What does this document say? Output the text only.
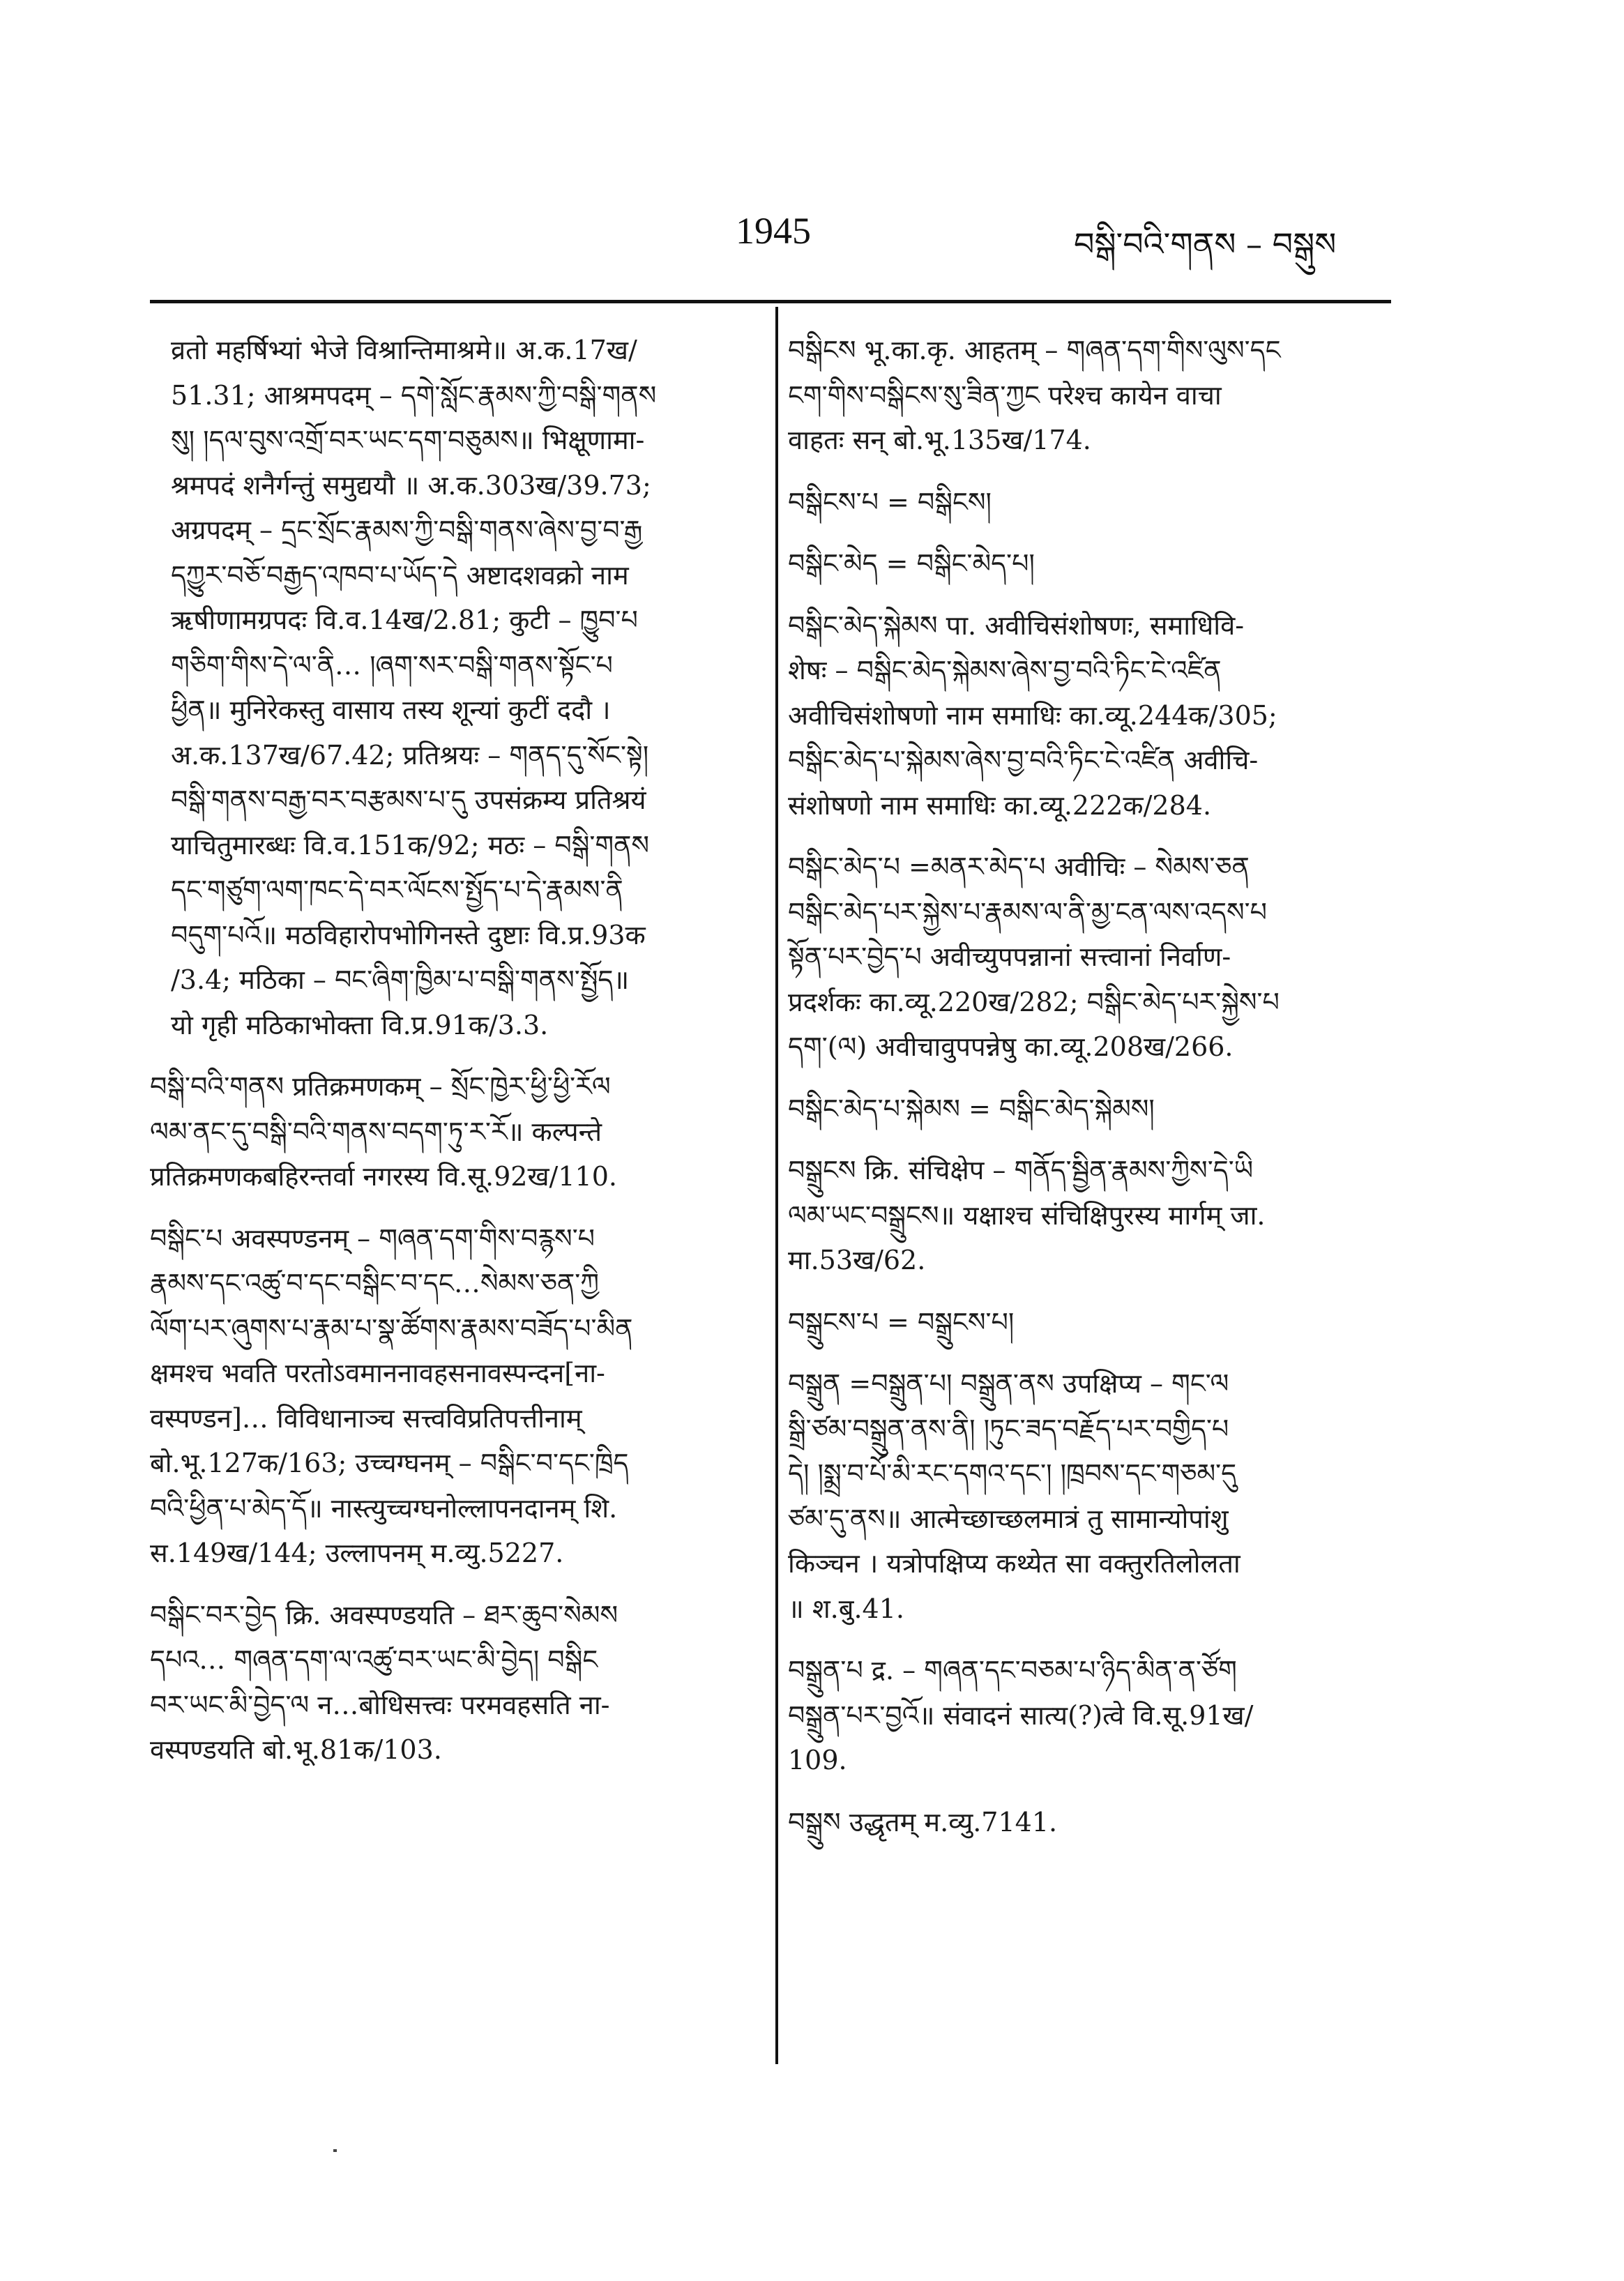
1945	བསྒི་བའི་གནས – བསྒུས
व्रतो महर्षिभ्यां भेजे विश्रान्तिमाश्रमे॥ अ.क.17ख/
51.31; आश्रमपदम् – དགེ་སློང་རྣམས་ཀྱི་བསྒི་གནས
སུ། །དལ་བུས་འགྲོ་བར་ཡང་དག་བཅུམས॥ भिक्षूणामा-
श्रमपदं शनैर्गन्तुं समुद्ययौ ॥ अ.क.303ख/39.73;
अग्रपदम् – དྲང་སྲོང་རྣམས་ཀྱི་བསྒི་གནས་ཞེས་བྱ་བ་རྒྱ
དཀྱུར་བཅོ་བརྒྱད་འཁབ་པ་ཡོད་དེ अष्टादशवक्रो नाम
ऋषीणामग्रपदः वि.व.14ख/2.81; कुटी – ཁྱུབ་པ
གཅིག་གིས་དེ་ལ་ནི… །ཞག་སར་བསྒི་གནས་སྟོང་པ
ཕྱིན॥ मुनिरेकस्तु वासाय तस्य शून्यां कुटीं ददौ ।
अ.क.137ख/67.42; प्रतिश्रयः – གནད་དུ་སོང་སྟེ།
བསྒི་གནས་བརྒྱ་བར་བརྩམས་པ་དུ उपसंक्रम्य प्रतिश्रयं
याचितुमारब्धः वि.व.151क/92; मठः – བསྒི་གནས
དང་གཙུག་ལག་ཁང་དེ་བར་ལོངས་སྤྱོད་པ་དེ་རྣམས་ནི
བདུག་པའོ॥ मठविहारोपभोगिनस्ते दुष्टाः वि.प्र.93क
/3.4; मठिका – བང་ཞིག་ཁྱིམ་པ་བསྒི་གནས་སྤྱོད॥
यो गृही मठिकाभोक्ता वि.प्र.91क/3.3.
བསྒི་བའི་གནས प्रतिक्रमणकम् – སྲོང་ཁྱེར་ཕྱི་ཕྱི་རོལ
ལམ་ནང་དུ་བསྒི་བའི་གནས་བདག་ཏུ་ར་རོ॥ कल्पन्ते
प्रतिक्रमणकबहिरन्तर्वा नगरस्य वि.सू.92ख/110.
བསྒིང་པ अवस्पण्डनम् – གཞན་དག་གིས་བརྙས་པ
རྣམས་དང་འཚུ་བ་དང་བསྒིང་བ་དང…སེམས་ཅན་ཀྱི
ལོག་པར་ཞུགས་པ་རྣམ་པ་སྣ་ཚོགས་རྣམས་བཟོད་པ་མིན
क्षमश्च भवति परतोऽवमाननावहसनावस्पन्दन[ना-
वस्पण्डन]… विविधानाञ्च सत्त्वविप्रतिपत्तीनाम्
बो.भू.127क/163; उच्चग्घनम् – བསྒིང་བ་དང་ཁྲིད
བའི་ཕྱིན་པ་མེད་དོ॥ नास्त्युच्चग्घनोल्लापनदानम् शि.
स.149ख/144; उल्लापनम् म.व्यु.5227.
བསྒིང་བར་བྱེད क्रि. अवस्पण्डयति – ཐར་ཆུབ་སེམས
དཔའ… གཞན་དག་ལ་འཚུ་བར་ཡང་མི་བྱེད། བསྒིང
བར་ཡང་མི་བྱེད་ལ न…बोधिसत्त्वः परमवहसति ना-
वस्पण्डयति बो.भू.81क/103.
བསྒིངས भू.का.कृ. आहतम् – གཞན་དག་གིས་ལུས་དང
ངག་གིས་བསྒིངས་སུ་ཟིན་ཀྱང परेश्च कायेन वाचा
वाहतः सन् बो.भू.135ख/174.
བསྒིངས་པ = བསྒིངས།
བསྒིང་མེད = བསྒིང་མེད་པ།
བསྒིང་མེད་སྐེམས पा. अवीचिसंशोषणः, समाधिवि-
शेषः – བསྒིང་མེད་སྐེམས་ཞེས་བྱ་བའི་ཏིང་ངེ་འཛིན
अवीचिसंशोषणो नाम समाधिः का.व्यू.244क/305;
བསྒིང་མེད་པ་སྐེམས་ཞེས་བྱ་བའི་ཏིང་ངེ་འཛིན अवीचि-
संशोषणो नाम समाधिः का.व्यू.222क/284.
བསྒིང་མེད་པ =མནར་མེད་པ अवीचिः – སེམས་ཅན
བསྒིང་མེད་པར་སྐྱེས་པ་རྣམས་ལ་ནི་མྱ་ངན་ལས་འདས་པ
སྟོན་པར་བྱེད་པ अवीच्युपपन्नानां सत्त्वानां निर्वाण-
प्रदर्शकः का.व्यू.220ख/282; བསྒིང་མེད་པར་སྐྱེས་པ
དག་(ལ) अवीचावुपपन्नेषु का.व्यू.208ख/266.
བསྒིང་མེད་པ་སྐེམས = བསྒིང་མེད་སྐེམས།
བསྒྲུངས क्रि. संचिक्षेप – གནོད་སྦྱིན་རྣམས་ཀྱིས་དེ་ཡི
ལམ་ཡང་བསྒྲུངས॥ यक्षाश्च संचिक्षिपुरस्य मार्गम् जा.
मा.53ख/62.
བསྒྲུངས་པ = བསྒྲུངས་པ།
བསྒྲུན =བསྒྲུན་པ། བསྒྲུན་ནས उपक्षिप्य – གང་ལ
སྒྲི་ཙམ་བསྒྲུན་ནས་ནི། །ཏུང་ཟད་བརྗོད་པར་བགྱིད་པ
དེ། །སྨྲ་བ་པོ་མི་རང་དགའ་དང་། །ཁྲབས་དང་གཅམ་དུ
ཙམ་དུ་ནས॥ आत्मेच्छाच्छलमात्रं तु सामान्योपांशु
किञ्चन । यत्रोपक्षिप्य कथ्येत सा वक्तुरतिलोलता
॥ श.बु.41.
བསྒྲུན་པ द्र. – གཞན་དང་བཅམ་པ་ཉིད་མིན་ན་ཙོག
བསྒྲུན་པར་བྱའོ॥ संवादनं सात्य(?)त्वे वि.सू.91ख/
109.
བསྒྲུས उद्धृतम् म.व्यु.7141.
